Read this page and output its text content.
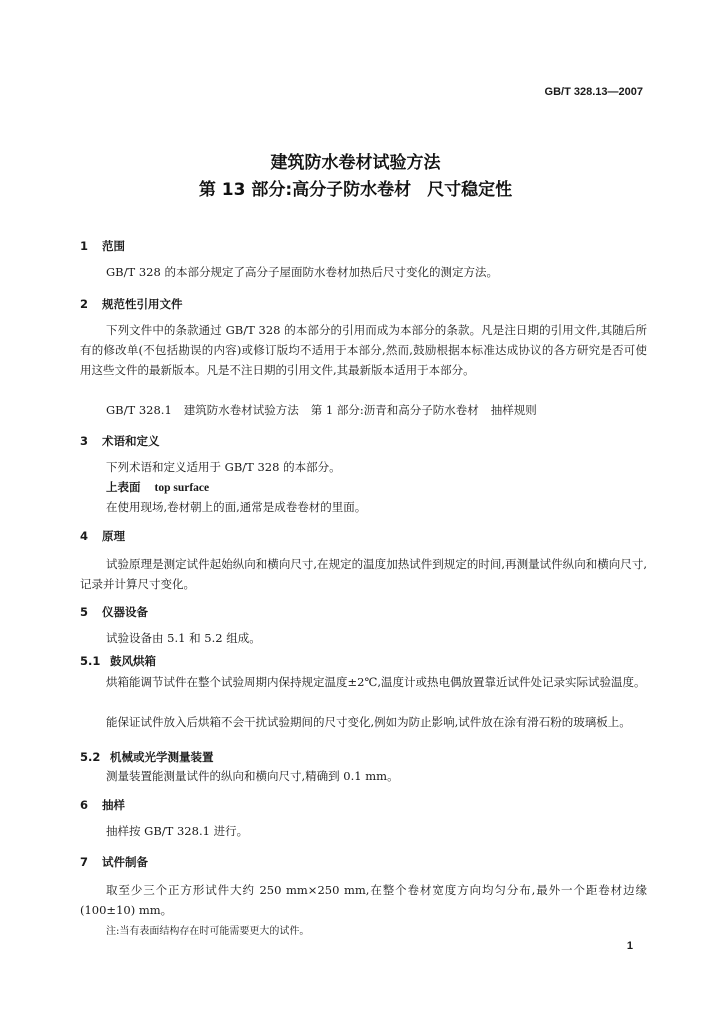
GB/T 328.13—2007
建筑防水卷材试验方法
第 13 部分:高分子防水卷材 尺寸稳定性
1 范围
GB/T 328 的本部分规定了高分子屋面防水卷材加热后尺寸变化的测定方法。
2 规范性引用文件
下列文件中的条款通过 GB/T 328 的本部分的引用而成为本部分的条款。凡是注日期的引用文件,其随后所有的修改单(不包括勘误的内容)或修订版均不适用于本部分,然而,鼓励根据本标准达成协议的各方研究是否可使用这些文件的最新版本。凡是不注日期的引用文件,其最新版本适用于本部分。
GB/T 328.1 建筑防水卷材试验方法 第 1 部分:沥青和高分子防水卷材 抽样规则
3 术语和定义
下列术语和定义适用于 GB/T 328 的本部分。
上表面 top surface
在使用现场,卷材朝上的面,通常是成卷卷材的里面。
4 原理
试验原理是测定试件起始纵向和横向尺寸,在规定的温度加热试件到规定的时间,再测量试件纵向和横向尺寸,记录并计算尺寸变化。
5 仪器设备
试验设备由 5.1 和 5.2 组成。
5.1 鼓风烘箱
烘箱能调节试件在整个试验周期内保持规定温度±2℃,温度计或热电偶放置靠近试件处记录实际试验温度。
能保证试件放入后烘箱不会干扰试验期间的尺寸变化,例如为防止影响,试件放在涂有滑石粉的玻璃板上。
5.2 机械或光学测量装置
测量装置能测量试件的纵向和横向尺寸,精确到 0.1 mm。
6 抽样
抽样按 GB/T 328.1 进行。
7 试件制备
取至少三个正方形试件大约 250 mm×250 mm,在整个卷材宽度方向均匀分布,最外一个距卷材边缘(100±10) mm。
注:当有表面结构存在时可能需要更大的试件。
1
